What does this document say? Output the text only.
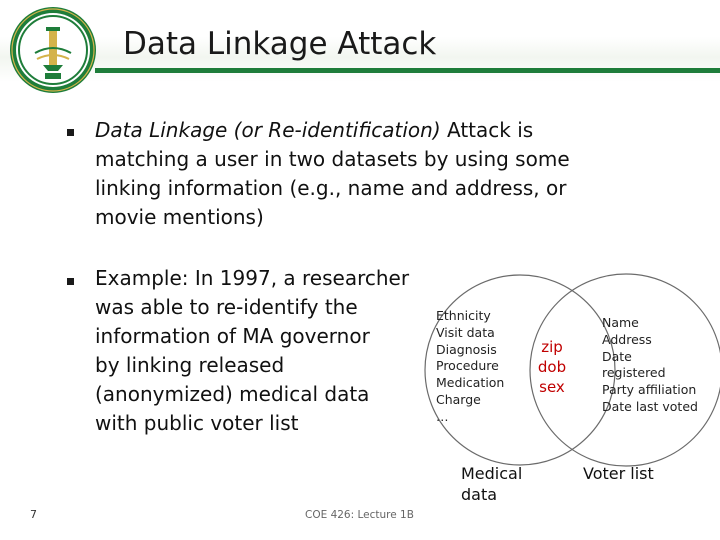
Data Linkage Attack
Data Linkage (or Re-identification) Attack is
matching a user in two datasets by using some
linking information (e.g., name and address, or
movie mentions)
Example: In 1997, a researcher
was able to re-identify the
information of MA governor
by linking released
(anonymized) medical data
with public voter list
Ethnicity
Visit data
Diagnosis
Procedure
Medication
Charge
…
zip
dob
sex
Name
Address
Date
registered
Party affiliation
Date last voted
Medical
data
Voter list
7	COE 426: Lecture 1B
